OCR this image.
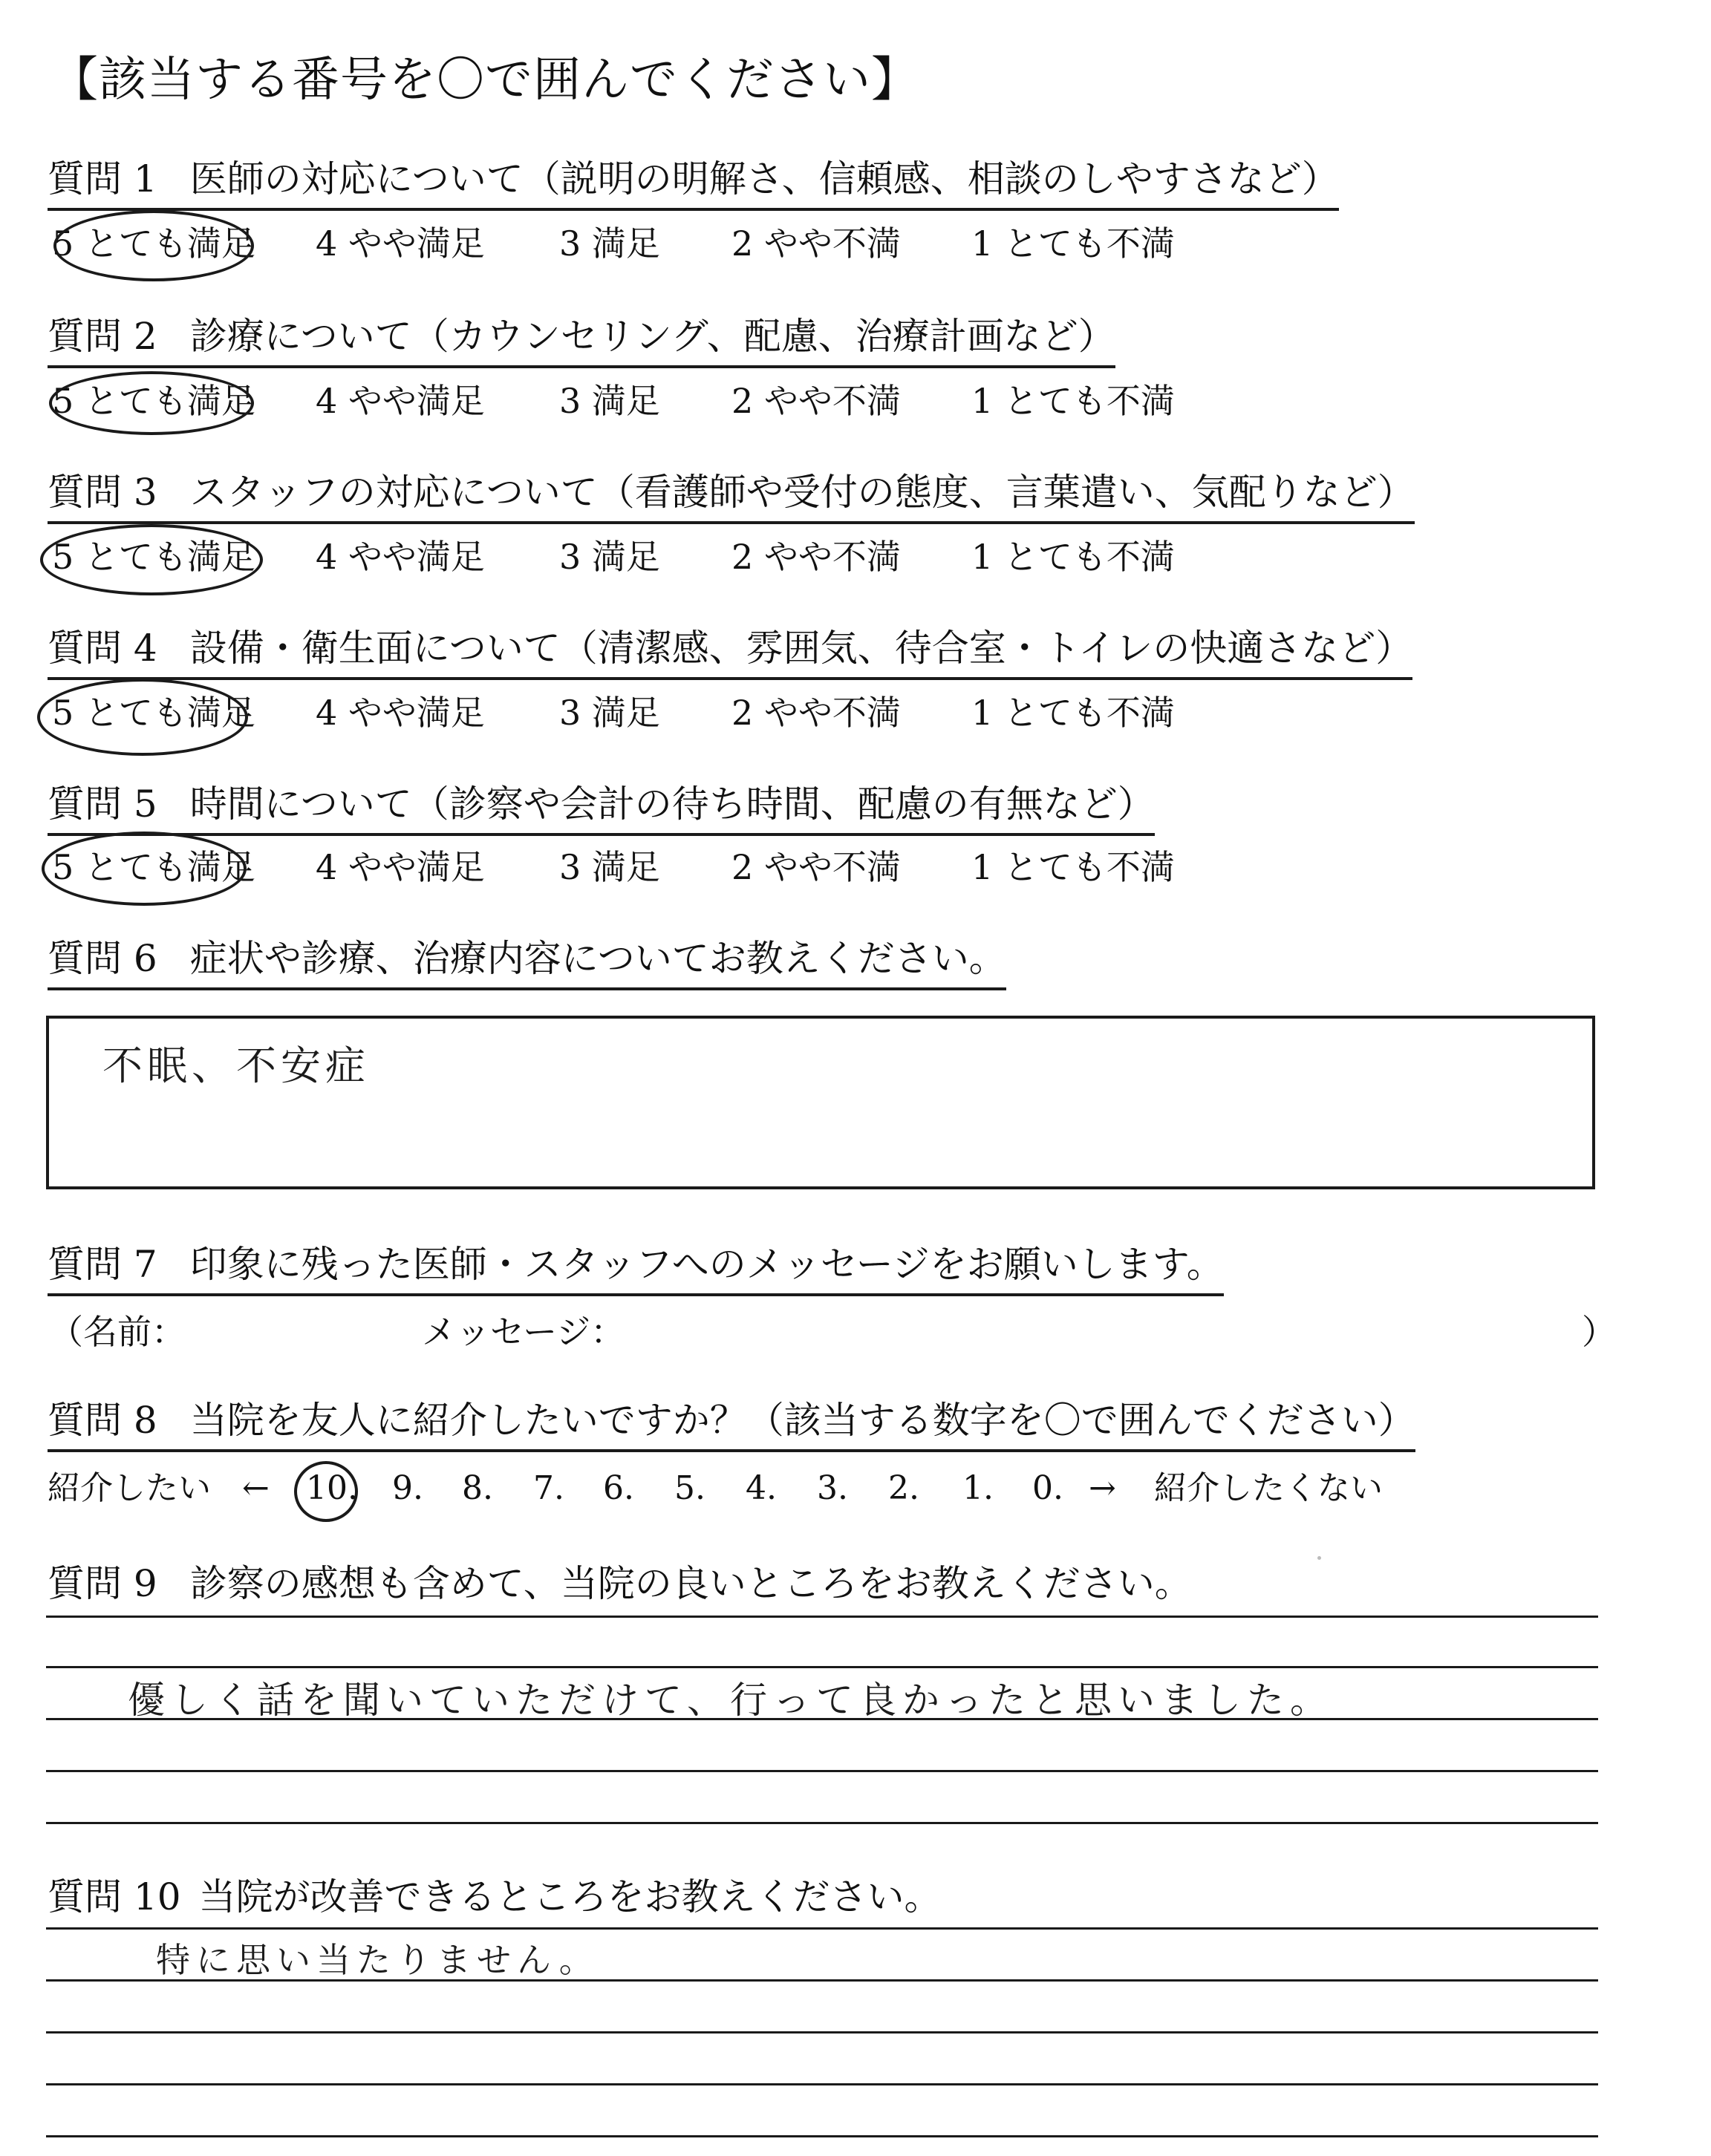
【該当する番号を〇で囲んでください】
質問 1 医師の対応について（説明の明解さ、信頼感、相談のしやすさなど）
5 とても満足 4 やや満足 3 満足 2 やや不満 1 とても不満
質問 2 診療について（カウンセリング、配慮、治療計画など）
5 とても満足 4 やや満足 3 満足 2 やや不満 1 とても不満
質問 3 スタッフの対応について（看護師や受付の態度、言葉遣い、気配りなど）
5 とても満足 4 やや満足 3 満足 2 やや不満 1 とても不満
質問 4 設備・衛生面について（清潔感、雰囲気、待合室・トイレの快適さなど）
5 とても満足 4 やや満足 3 満足 2 やや不満 1 とても不満
質問 5 時間について（診察や会計の待ち時間、配慮の有無など）
5 とても満足 4 やや満足 3 満足 2 やや不満 1 とても不満
質問 6 症状や診療、治療内容についてお教えください。
不眠、不安症
質問 7 印象に残った医師・スタッフへのメッセージをお願いします。
（名前：	メッセージ：	）
質問 8 当院を友人に紹介したいですか？（該当する数字を〇で囲んでください）
紹介したい ← 10. 9. 8. 7. 6. 5. 4. 3. 2. 1. 0. → 紹介したくない
質問 9 診察の感想も含めて、当院の良いところをお教えください。
優しく話を聞いていただけて、行って良かったと思いました。
質問 10 当院が改善できるところをお教えください。
特に思い当たりません。
